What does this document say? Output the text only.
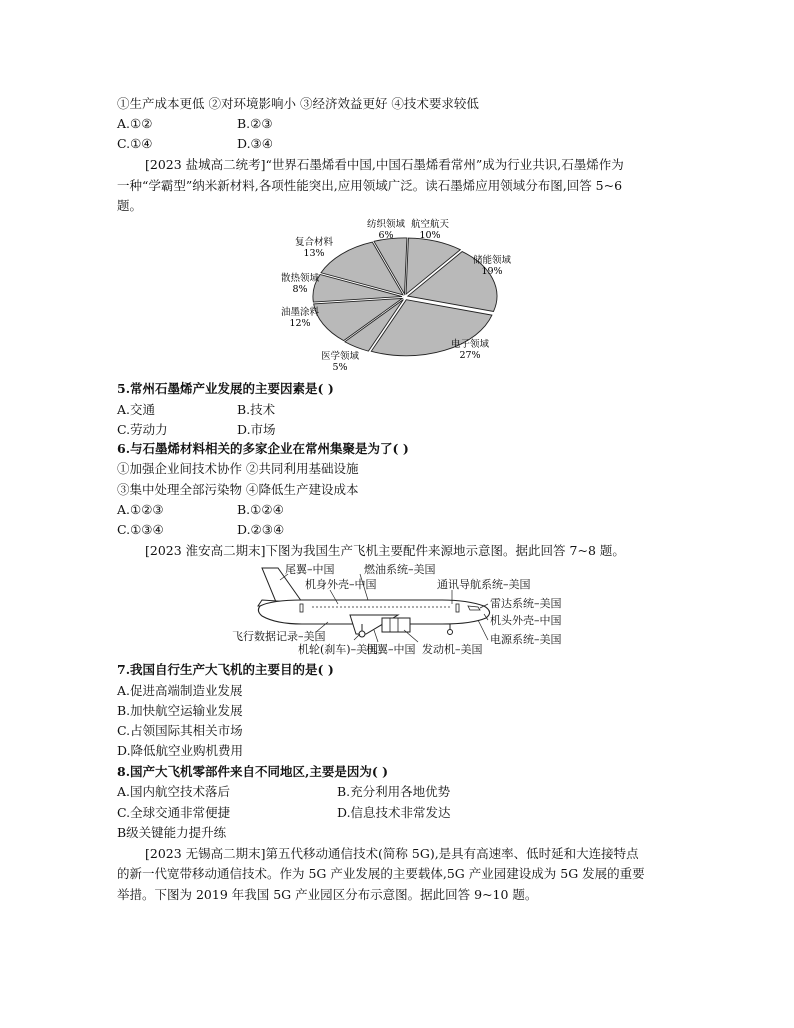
①生产成本更低 ②对环境影响小 ③经济效益更好 ④技术要求较低
A.①②	B.②③
C.①④	D.③④
[2023 盐城高二统考]“世界石墨烯看中国,中国石墨烯看常州”成为行业共识,石墨烯作为
一种“学霸型”纳米新材料,各项性能突出,应用领域广泛。读石墨烯应用领域分布图,回答 5~6
题。
纺织领域
6%
航空航天
10%
储能领域
19%
电子领域
27%
医学领域
5%
油墨涂料
12%
散热领域
8%
复合材料
13%
5.常州石墨烯产业发展的主要因素是( )
A.交通	B.技术
C.劳动力	D.市场
6.与石墨烯材料相关的多家企业在常州集聚是为了( )
①加强企业间技术协作 ②共同利用基础设施
③集中处理全部污染物 ④降低生产建设成本
A.①②③	B.①②④
C.①③④	D.②③④
[2023 淮安高二期末]下图为我国生产飞机主要配件来源地示意图。据此回答 7~8 题。
尾翼–中国	燃油系统–美国
机身外壳–中国	通讯导航系统–美国
雷达系统–美国
机头外壳–中国
电源系统–美国
飞行数据记录–美国
机轮(刹车)–美国
机翼–中国 发动机–美国
7.我国自行生产大飞机的主要目的是( )
A.促进高端制造业发展
B.加快航空运输业发展
C.占领国际其相关市场
D.降低航空业购机费用
8.国产大飞机零部件来自不同地区,主要是因为( )
A.国内航空技术落后	B.充分利用各地优势
C.全球交通非常便捷	D.信息技术非常发达
B级关键能力提升练
[2023 无锡高二期末]第五代移动通信技术(简称 5G),是具有高速率、低时延和大连接特点
的新一代宽带移动通信技术。作为 5G 产业发展的主要载体,5G 产业园建设成为 5G 发展的重要
举措。下图为 2019 年我国 5G 产业园区分布示意图。据此回答 9~10 题。
